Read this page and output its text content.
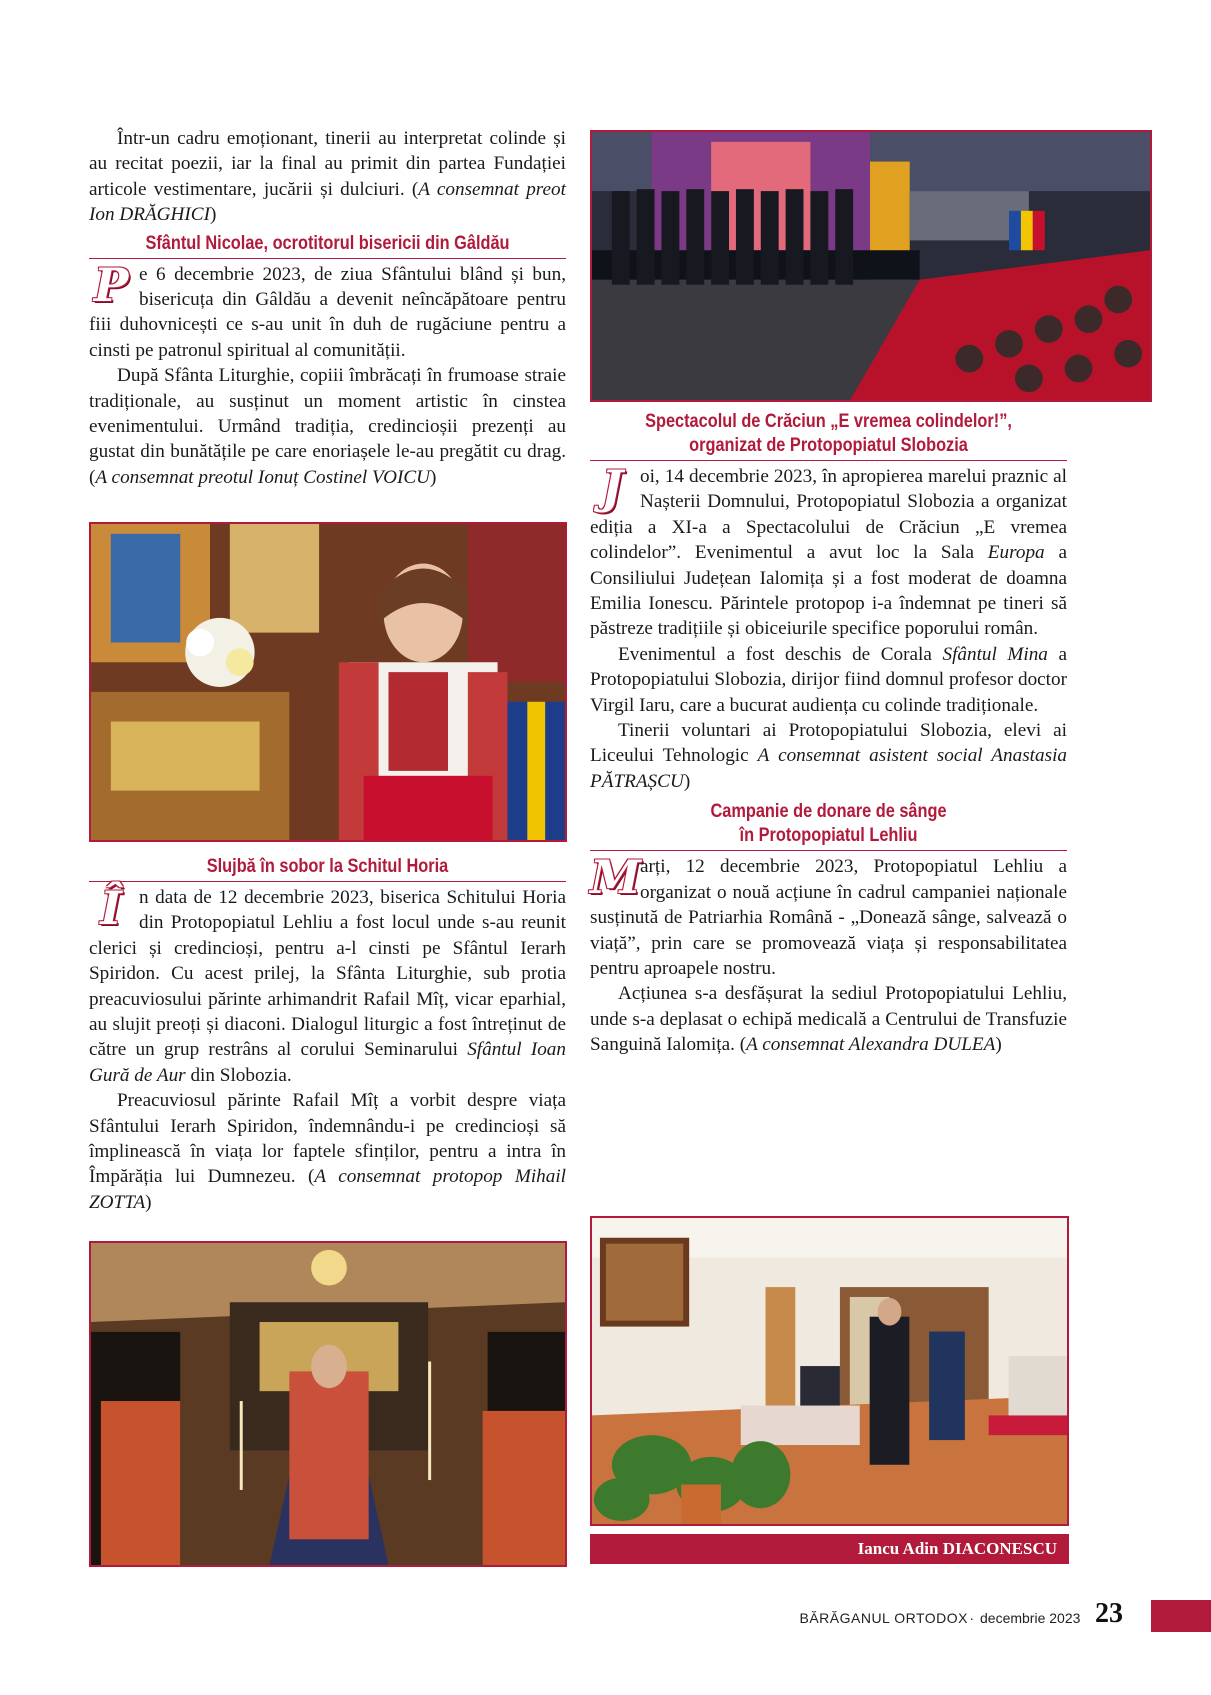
Într-un cadru emoționant, tinerii au interpretat colinde și au recitat poezii, iar la final au primit din partea Fundației articole vestimentare, jucării și dulciuri. (A consemnat preot Ion DRĂGHICI)

Sfântul Nicolae, ocrotitorul bisericii din Gâldău

Pe 6 decembrie 2023, de ziua Sfântului blând și bun, bisericuța din Gâldău a devenit neîncăpătoare pentru fiii duhovnicești ce s-au unit în duh de rugăciune pentru a cinsti pe patronul spiritual al comunității.

După Sfânta Liturghie, copiii îmbrăcați în frumoase straie tradiționale, au susținut un moment artistic în cinstea evenimentului. Urmând tradiția, credincioșii prezenți au gustat din bunătățile pe care enoriașele le-au pregătit cu drag. (A consemnat preotul Ionuț Costinel VOICU)

Slujbă în sobor la Schitul Horia

În data de 12 decembrie 2023, biserica Schitului Horia din Protopopiatul Lehliu a fost locul unde s-au reunit clerici și credincioși, pentru a-l cinsti pe Sfântul Ierarh Spiridon. Cu acest prilej, la Sfânta Liturghie, sub protia preacuviosului părinte arhimandrit Rafail Mîț, vicar eparhial, au slujit preoți și diaconi. Dialogul liturgic a fost întreținut de către un grup restrâns al corului Seminarului Sfântul Ioan Gură de Aur din Slobozia.

Preacuviosul părinte Rafail Mîț a vorbit despre viața Sfântului Ierarh Spiridon, îndemnându-i pe credincioși să împlinească în viața lor faptele sfinților, pentru a intra în Împărăția lui Dumnezeu. (A consemnat protopop Mihail ZOTTA)

Spectacolul de Crăciun „E vremea colindelor!”,
organizat de Protopopiatul Slobozia

Joi, 14 decembrie 2023, în apropierea marelui praznic al Nașterii Domnului, Protopopiatul Slobozia a organizat ediția a XI-a a Spectacolului de Crăciun „E vremea colindelor”. Evenimentul a avut loc la Sala Europa a Consiliului Județean Ialomița și a fost moderat de doamna Emilia Ionescu. Părintele protopop i-a îndemnat pe tineri să păstreze tradițiile și obiceiurile specifice poporului român.

Evenimentul a fost deschis de Corala Sfântul Mina a Protopopiatului Slobozia, dirijor fiind domnul profesor doctor Virgil Iaru, care a bucurat audiența cu colinde tradiționale.

Tinerii voluntari ai Protopopiatului Slobozia, elevi ai Liceului Tehnologic A consemnat asistent social Anastasia PĂTRAȘCU)

Campanie de donare de sânge
în Protopopiatul Lehliu

Marți, 12 decembrie 2023, Protopopiatul Lehliu a organizat o nouă acțiune în cadrul campaniei naționale susținută de Patriarhia Română - „Donează sânge, salvează o viață”, prin care se promovează viața și responsabilitatea pentru aproapele nostru.

Acțiunea s-a desfășurat la sediul Protopopiatului Lehliu, unde s-a deplasat o echipă medicală a Centrului de Transfuzie Sanguină Ialomița. (A consemnat Alexandra DULEA)

Iancu Adin DIACONESCU
BĂRĂGANUL ORTODOX
· decembrie 2023 23
